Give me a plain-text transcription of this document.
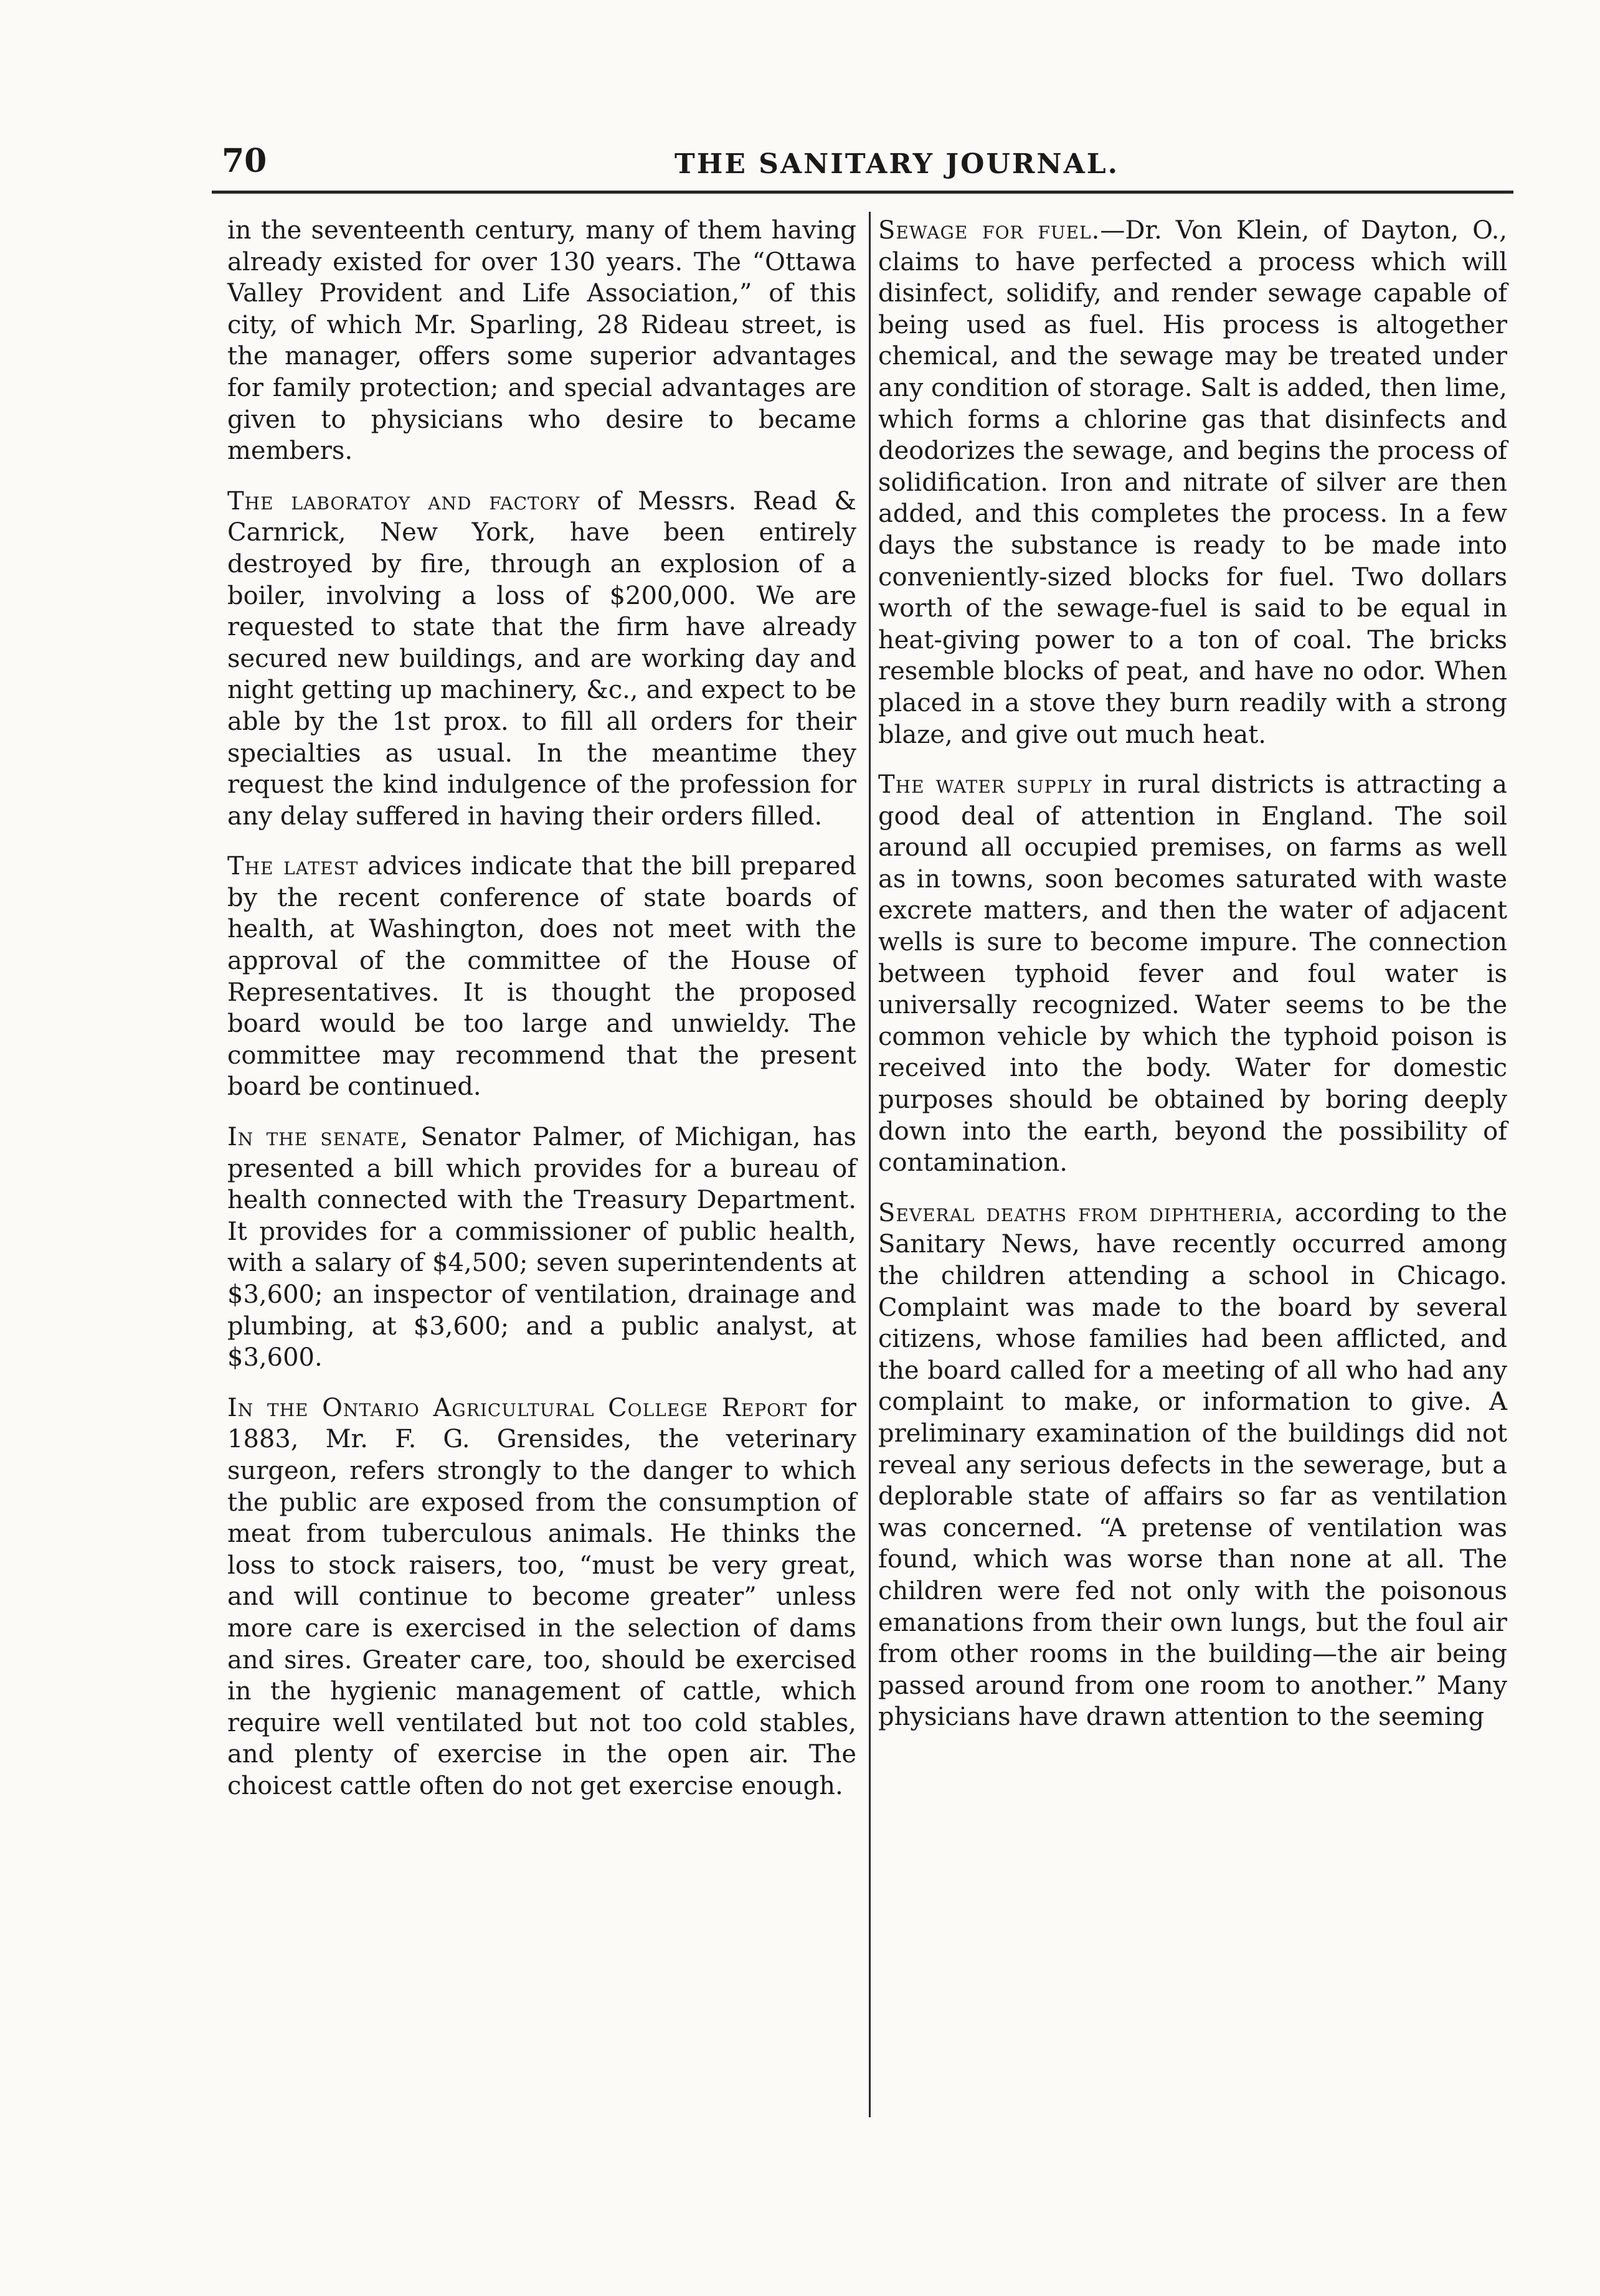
70	THE SANITARY JOURNAL.

in the seventeenth century, many of them having already existed for over 130 years. The “Ottawa Valley Provident and Life Association,” of this city, of which Mr. Sparling, 28 Rideau street, is the manager, offers some superior advantages for family protection; and special advantages are given to physicians who desire to became members.

The laboratoy and factory of Messrs. Read & Carnrick, New York, have been entirely destroyed by fire, through an explosion of a boiler, involving a loss of $200,000. We are requested to state that the firm have already secured new buildings, and are working day and night getting up machinery, &c., and expect to be able by the 1st prox. to fill all orders for their specialties as usual. In the meantime they request the kind indulgence of the profession for any delay suffered in having their orders filled.

The latest advices indicate that the bill prepared by the recent conference of state boards of health, at Washington, does not meet with the approval of the committee of the House of Representatives. It is thought the proposed board would be too large and unwieldy. The committee may recommend that the present board be continued.

In the senate, Senator Palmer, of Michigan, has presented a bill which provides for a bureau of health connected with the Treasury Department. It provides for a commissioner of public health, with a salary of $4,500; seven superintendents at $3,600; an inspector of ventilation, drainage and plumbing, at $3,600; and a public analyst, at $3,600.

In the Ontario Agricultural College Report for 1883, Mr. F. G. Grensides, the veterinary surgeon, refers strongly to the danger to which the public are exposed from the consumption of meat from tuberculous animals. He thinks the loss to stock raisers, too, “must be very great, and will continue to become greater” unless more care is exercised in the selection of dams and sires. Greater care, too, should be exercised in the hygienic management of cattle, which require well ventilated but not too cold stables, and plenty of exercise in the open air. The choicest cattle often do not get exercise enough.

Sewage for fuel.—Dr. Von Klein, of Dayton, O., claims to have perfected a process which will disinfect, solidify, and render sewage capable of being used as fuel. His process is altogether chemical, and the sewage may be treated under any condition of storage. Salt is added, then lime, which forms a chlorine gas that disinfects and deodorizes the sewage, and begins the process of solidification. Iron and nitrate of silver are then added, and this completes the process. In a few days the substance is ready to be made into conveniently-sized blocks for fuel. Two dollars worth of the sewage-fuel is said to be equal in heat-giving power to a ton of coal. The bricks resemble blocks of peat, and have no odor. When placed in a stove they burn readily with a strong blaze, and give out much heat.

The water supply in rural districts is attracting a good deal of attention in England. The soil around all occupied premises, on farms as well as in towns, soon becomes saturated with waste excrete matters, and then the water of adjacent wells is sure to become impure. The connection between typhoid fever and foul water is universally recognized. Water seems to be the common vehicle by which the typhoid poison is received into the body. Water for domestic purposes should be obtained by boring deeply down into the earth, beyond the possibility of contamination.

Several deaths from diphtheria, according to the Sanitary News, have recently occurred among the children attending a school in Chicago. Complaint was made to the board by several citizens, whose families had been afflicted, and the board called for a meeting of all who had any complaint to make, or information to give. A preliminary examination of the buildings did not reveal any serious defects in the sewerage, but a deplorable state of affairs so far as ventilation was concerned. “A pretense of ventilation was found, which was worse than none at all. The children were fed not only with the poisonous emanations from their own lungs, but the foul air from other rooms in the building—the air being passed around from one room to another.” Many physicians have drawn attention to the seeming
